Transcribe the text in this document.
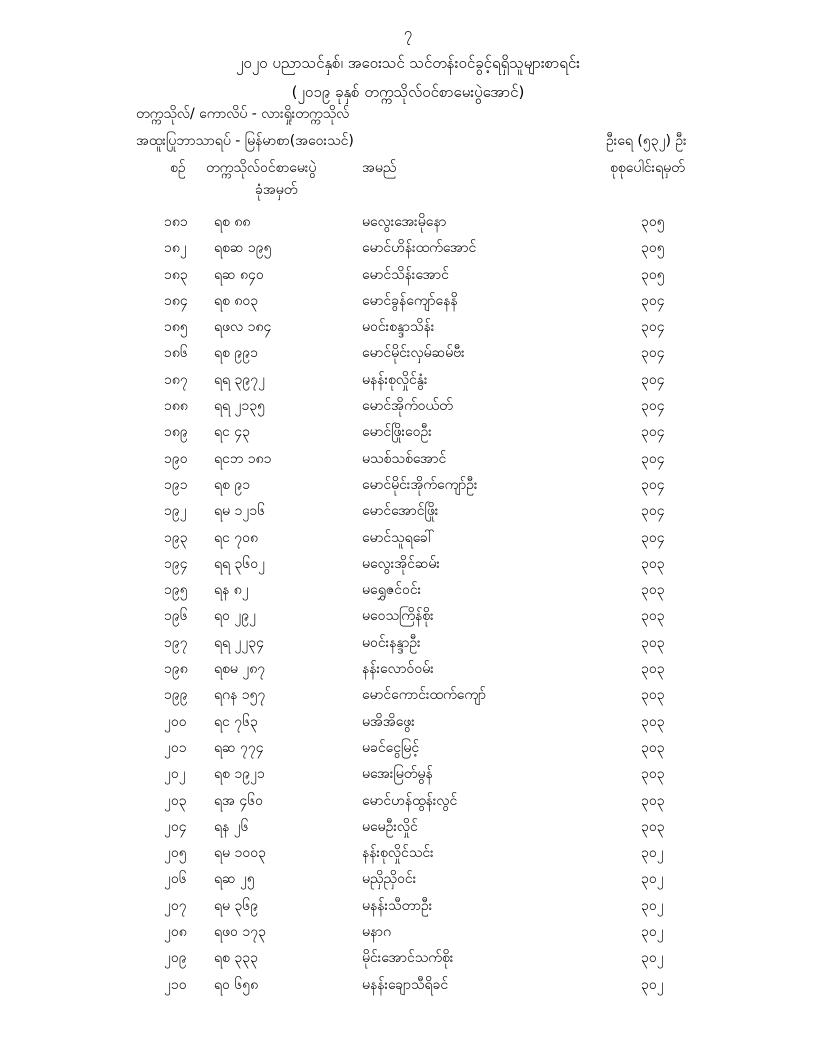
၇
၂၀၂၀ ပညာသင်နှစ်၊ အဝေးသင် သင်တန်းဝင်ခွင့်ရရှိသူများစာရင်း
(၂၀၁၉ ခုနှစ် တက္ကသိုလ်ဝင်စာမေးပွဲအောင်)
တက္ကသိုလ်/ ကောလိပ် - လားရှိုးတက္ကသိုလ်
အထူးပြုဘာသာရပ် - မြန်မာစာ(အဝေးသင်)	ဦးရေ (၅၃၂) ဦး
စဉ် တက္ကသိုလ်ဝင်စာမေးပွဲ
ခုံအမှတ်
အမည်	စုစုပေါင်းရမှတ်
၁၈၁ ရစ ၈၈	မလွေးအေးမိုနော	၃၀၅
၁၈၂ ရစဆ ၁၉၅	မောင်ဟိန်းထက်အောင်	၃၀၅
၁၈၃ ရဆ ၈၄၀	မောင်သိန်းအောင်	၃၀၅
၁၈၄ ရစ ၈၀၃	မောင်ခွန်ကျော်နေနိ	၃၀၄
၁၈၅ ရဖလ ၁၈၄	မဝင်းစန္ဒာသိန်း	၃၀၄
၁၈၆ ရစ ၉၉၁	မောင်မိုင်းလှမ်ဆမ်ဗီး	၃၀၄
၁၈၇ ရရ ၃၉၇၂	မနန်းစုလှိုင်နွံး	၃၀၄
၁၈၈ ရရ ၂၁၃၅	မောင်အိုက်ဝယ်တ်	၃၀၄
၁၈၉ ရင ၄၃	မောင်ဖြိုးဝေဦး	၃၀၄
၁၉၀ ရငဘ ၁၈၁	မသစ်သစ်အောင်	၃၀၄
၁၉၁ ရစ ၉၁	မောင်မိုင်းအိုက်ကျော်ဦး	၃၀၄
၁၉၂ ရမ ၁၂၁၆	မောင်အောင်ဖြိုး	၃၀၄
၁၉၃ ရင ၇၀၈	မောင်သူရခေါ်	၃၀၄
၁၉၄ ရရ ၃၆၀၂	မလွေးအိုင်ဆမ်း	၃၀၃
၁၉၅ ရန ၈၂	မရွှေဇင်ဝင်း	၃၀၃
၁၉၆ ရ၀ ၂၉၂	မဝေသကြိန်စိုး	၃၀၃
၁၉၇ ရရ ၂၂၃၄	မဝင်းနန္ဒာဦး	၃၀၃
၁၉၈ ရစမ ၂၈၇	နန်းလောဝ်ဝမ်း	၃၀၃
၁၉၉ ရဂန ၁၅၇	မောင်ကောင်းထက်ကျော်	၃၀၃
၂၀၀ ရင ၇၆၃	မအိအိဖွေး	၃၀၃
၂၀၁ ရဆ ၇၇၄	မခင်ငွေမြင့်	၃၀၃
၂၀၂ ရစ ၁၉၂၁	မအေးမြတ်မွန်	၃၀၃
၂၀၃ ရအ ၄၆၀	မောင်ဟန်ထွန်းလွင်	၃၀၃
၂၀၄ ရန ၂၆	မမေဦးလှိုင်	၃၀၃
၂၀၅ ရမ ၁၀၀၃	နန်းစုလှိုင်သင်း	၃၀၂
၂၀၆ ရဆ ၂၅	မညှိညှိဝင်း	၃၀၂
၂၀၇ ရမ ၃၆၉	မနန်းသီတာဦး	၃၀၂
၂၀၈ ရဖဝ ၁၇၃	မနာဂ	၃၀၂
၂၀၉ ရစ ၃၃၃	မိုင်းအောင်သက်စိုး	၃၀၂
၂၁၀ ရဝ ၆၅၈	မနန်းချောသီရိခင်	၃၀၂
